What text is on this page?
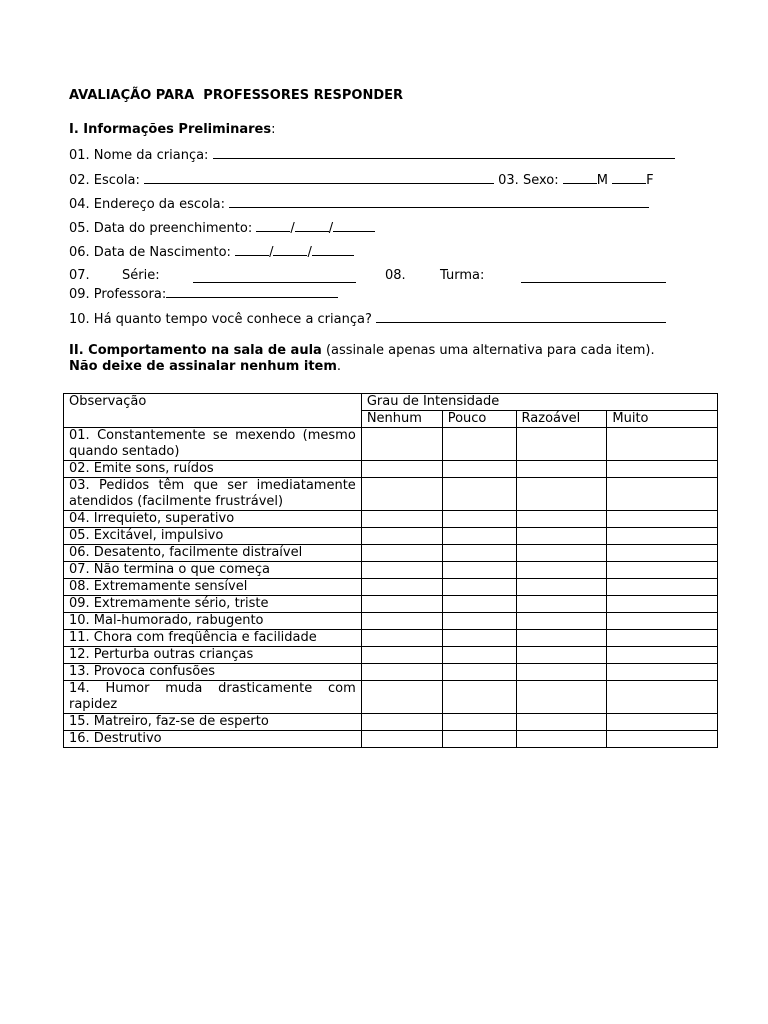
AVALIAÇÃO PARA  PROFESSORES RESPONDER
I. Informações Preliminares:
01. Nome da criança:
02. Escola:	03. Sexo:	M	F
04. Endereço da escola:
05. Data do preenchimento:	/	/
06. Data de Nascimento:	/	/
07. Série:	08.	Turma:
09. Professora:
10. Há quanto tempo você conhece a criança?
II. Comportamento na sala de aula (assinale apenas uma alternativa para cada item).
Não deixe de assinalar nenhum item.
Observação	Grau de Intensidade			
	Nenhum	Pouco	Razoável	Muito
01. Constantemente se mexendo (mesmo quando sentado)				
02. Emite sons, ruídos				
03. Pedidos têm que ser imediatamente atendidos (facilmente frustrável)				
04. Irrequieto, superativo				
05. Excitável, impulsivo				
06. Desatento, facilmente distraível				
07. Não termina o que começa				
08. Extremamente sensível				
09. Extremamente sério, triste				
10. Mal-humorado, rabugento				
11. Chora com freqüência e facilidade				
12. Perturba outras crianças				
13. Provoca confusões				
14. Humor muda drasticamente com rapidez				
15. Matreiro, faz-se de esperto				
16. Destrutivo				
